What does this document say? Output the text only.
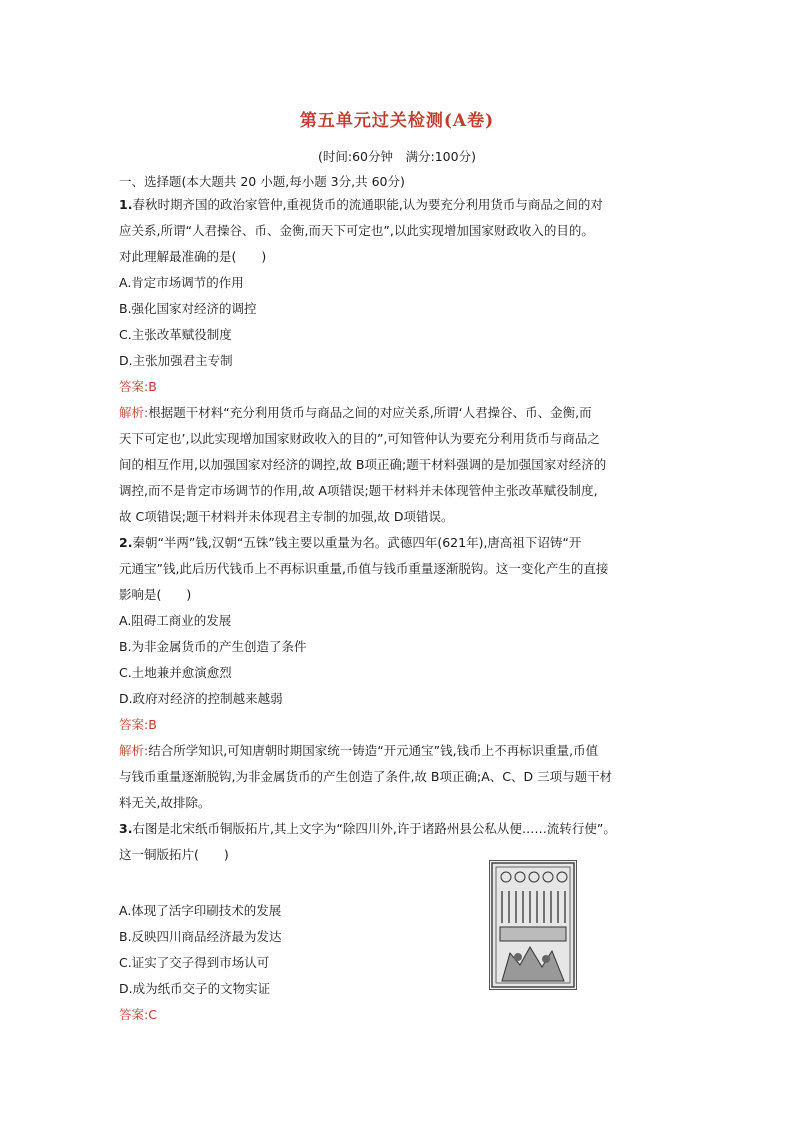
第五单元过关检测(A卷)
(时间:60分钟　满分:100分)
一、选择题(本大题共 20 小题,每小题 3分,共 60分)
1.春秋时期齐国的政治家管仲,重视货币的流通职能,认为要充分利用货币与商品之间的对
应关系,所谓“人君操谷、币、金衡,而天下可定也”,以此实现增加国家财政收入的目的。
对此理解最准确的是(　　)
A.肯定市场调节的作用
B.强化国家对经济的调控
C.主张改革赋役制度
D.主张加强君主专制
答案:B
解析:根据题干材料“充分利用货币与商品之间的对应关系,所谓‘人君操谷、币、金衡,而
天下可定也’,以此实现增加国家财政收入的目的”,可知管仲认为要充分利用货币与商品之
间的相互作用,以加强国家对经济的调控,故 B项正确;题干材料强调的是加强国家对经济的
调控,而不是肯定市场调节的作用,故 A项错误;题干材料并未体现管仲主张改革赋役制度,
故 C项错误;题干材料并未体现君主专制的加强,故 D项错误。
2.秦朝“半两”钱,汉朝“五铢”钱主要以重量为名。武德四年(621年),唐高祖下诏铸“开
元通宝”钱,此后历代钱币上不再标识重量,币值与钱币重量逐渐脱钩。这一变化产生的直接
影响是(　　)
A.阻碍工商业的发展
B.为非金属货币的产生创造了条件
C.土地兼并愈演愈烈
D.政府对经济的控制越来越弱
答案:B
解析:结合所学知识,可知唐朝时期国家统一铸造“开元通宝”钱,钱币上不再标识重量,币值
与钱币重量逐渐脱钩,为非金属货币的产生创造了条件,故 B项正确;A、C、D 三项与题干材
料无关,故排除。
3.右图是北宋纸币铜版拓片,其上文字为“除四川外,许于诸路州县公私从便……流转行使”。
这一铜版拓片(　　)
A.体现了活字印刷技术的发展
B.反映四川商品经济最为发达
C.证实了交子得到市场认可
D.成为纸币交子的文物实证
答案:C
